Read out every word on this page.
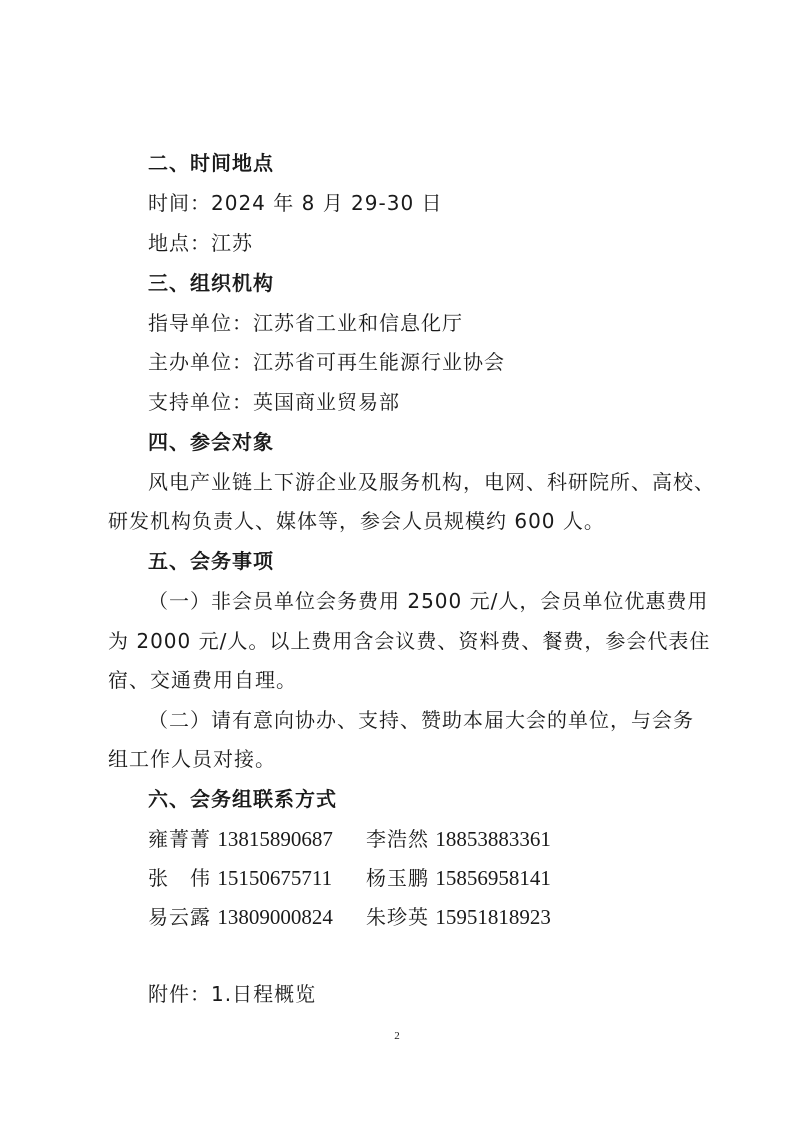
二、时间地点
时间：2024 年 8 月 29-30 日
地点：江苏
三、组织机构
指导单位：江苏省工业和信息化厅
主办单位：江苏省可再生能源行业协会
支持单位：英国商业贸易部
四、参会对象
风电产业链上下游企业及服务机构，电网、科研院所、高校、
研发机构负责人、媒体等，参会人员规模约 600 人。
五、会务事项
（一）非会员单位会务费用 2500 元/人，会员单位优惠费用
为 2000 元/人。以上费用含会议费、资料费、餐费，参会代表住
宿、交通费用自理。
（二）请有意向协办、支持、赞助本届大会的单位，与会务
组工作人员对接。
六、会务组联系方式
雍菁菁 13815890687 李浩然 18853883361
张　伟 15150675711 杨玉鹏 15856958141
易云露 13809000824 朱珍英 15951818923
附件：1.日程概览
2
